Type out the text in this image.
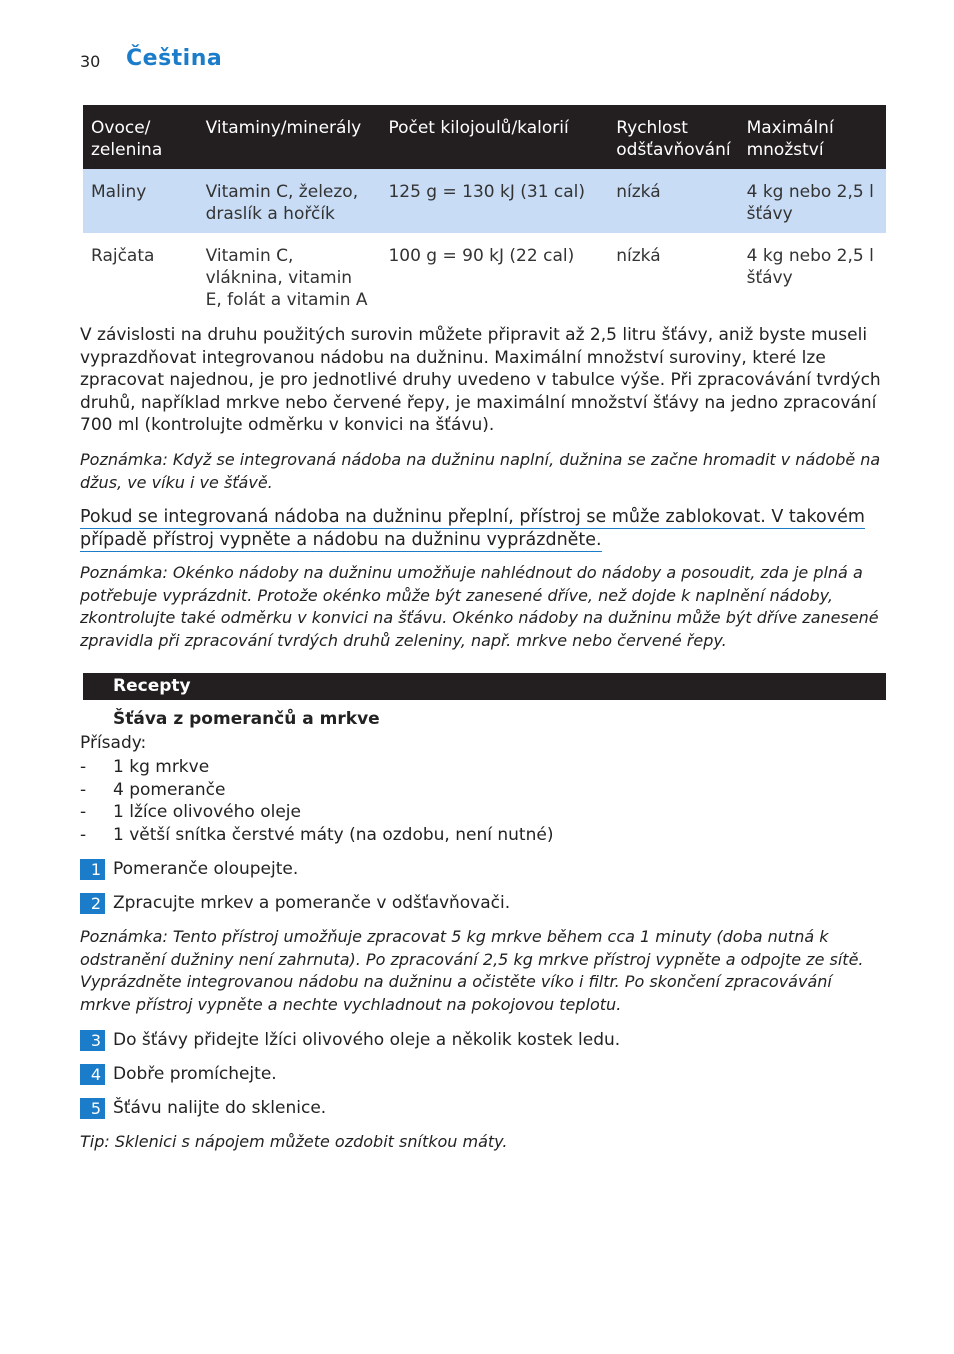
30 Čeština
Ovoce/ zelenina	Vitaminy/minerály	Počet kilojoulů/kalorií	Rychlost odšťavňování	Maximální množství
Maliny	Vitamin C, železo, draslík a hořčík	125 g = 130 kJ (31 cal)	nízká	4 kg nebo 2,5 l šťávy
Rajčata	Vitamin C, vláknina, vitamin E, folát a vitamin A	100 g = 90 kJ (22 cal)	nízká	4 kg nebo 2,5 l šťávy
V závislosti na druhu použitých surovin můžete připravit až 2,5 litru šťávy, aniž byste museli vyprazdňovat integrovanou nádobu na dužninu. Maximální množství suroviny, které lze zpracovat najednou, je pro jednotlivé druhy uvedeno v tabulce výše. Při zpracovávání tvrdých druhů, například mrkve nebo červené řepy, je maximální množství šťávy na jedno zpracování 700 ml (kontrolujte odměrku v konvici na šťávu).
Poznámka: Když se integrovaná nádoba na dužninu naplní, dužnina se začne hromadit v nádobě na džus, ve víku i ve šťávě.
Pokud se integrovaná nádoba na dužninu přeplní, přístroj se může zablokovat. V takovém případě přístroj vypněte a nádobu na dužninu vyprázdněte.
Poznámka: Okénko nádoby na dužninu umožňuje nahlédnout do nádoby a posoudit, zda je plná a potřebuje vyprázdnit. Protože okénko může být zanesené dříve, než dojde k naplnění nádoby, zkontrolujte také odměrku v konvici na šťávu. Okénko nádoby na dužninu může být dříve zanesené zpravidla při zpracování tvrdých druhů zeleniny, např. mrkve nebo červené řepy.
Recepty
Šťáva z pomerančů a mrkve
Přísady:
- 1 kg mrkve
- 4 pomeranče
- 1 lžíce olivového oleje
- 1 větší snítka čerstvé máty (na ozdobu, není nutné)
1 Pomeranče oloupejte.
2 Zpracujte mrkev a pomeranče v odšťavňovači.
Poznámka: Tento přístroj umožňuje zpracovat 5 kg mrkve během cca 1 minuty (doba nutná k odstranění dužniny není zahrnuta). Po zpracování 2,5 kg mrkve přístroj vypněte a odpojte ze sítě. Vyprázdněte integrovanou nádobu na dužninu a očistěte víko i filtr. Po skončení zpracovávání mrkve přístroj vypněte a nechte vychladnout na pokojovou teplotu.
3 Do šťávy přidejte lžíci olivového oleje a několik kostek ledu.
4 Dobře promíchejte.
5 Šťávu nalijte do sklenice.
Tip: Sklenici s nápojem můžete ozdobit snítkou máty.
